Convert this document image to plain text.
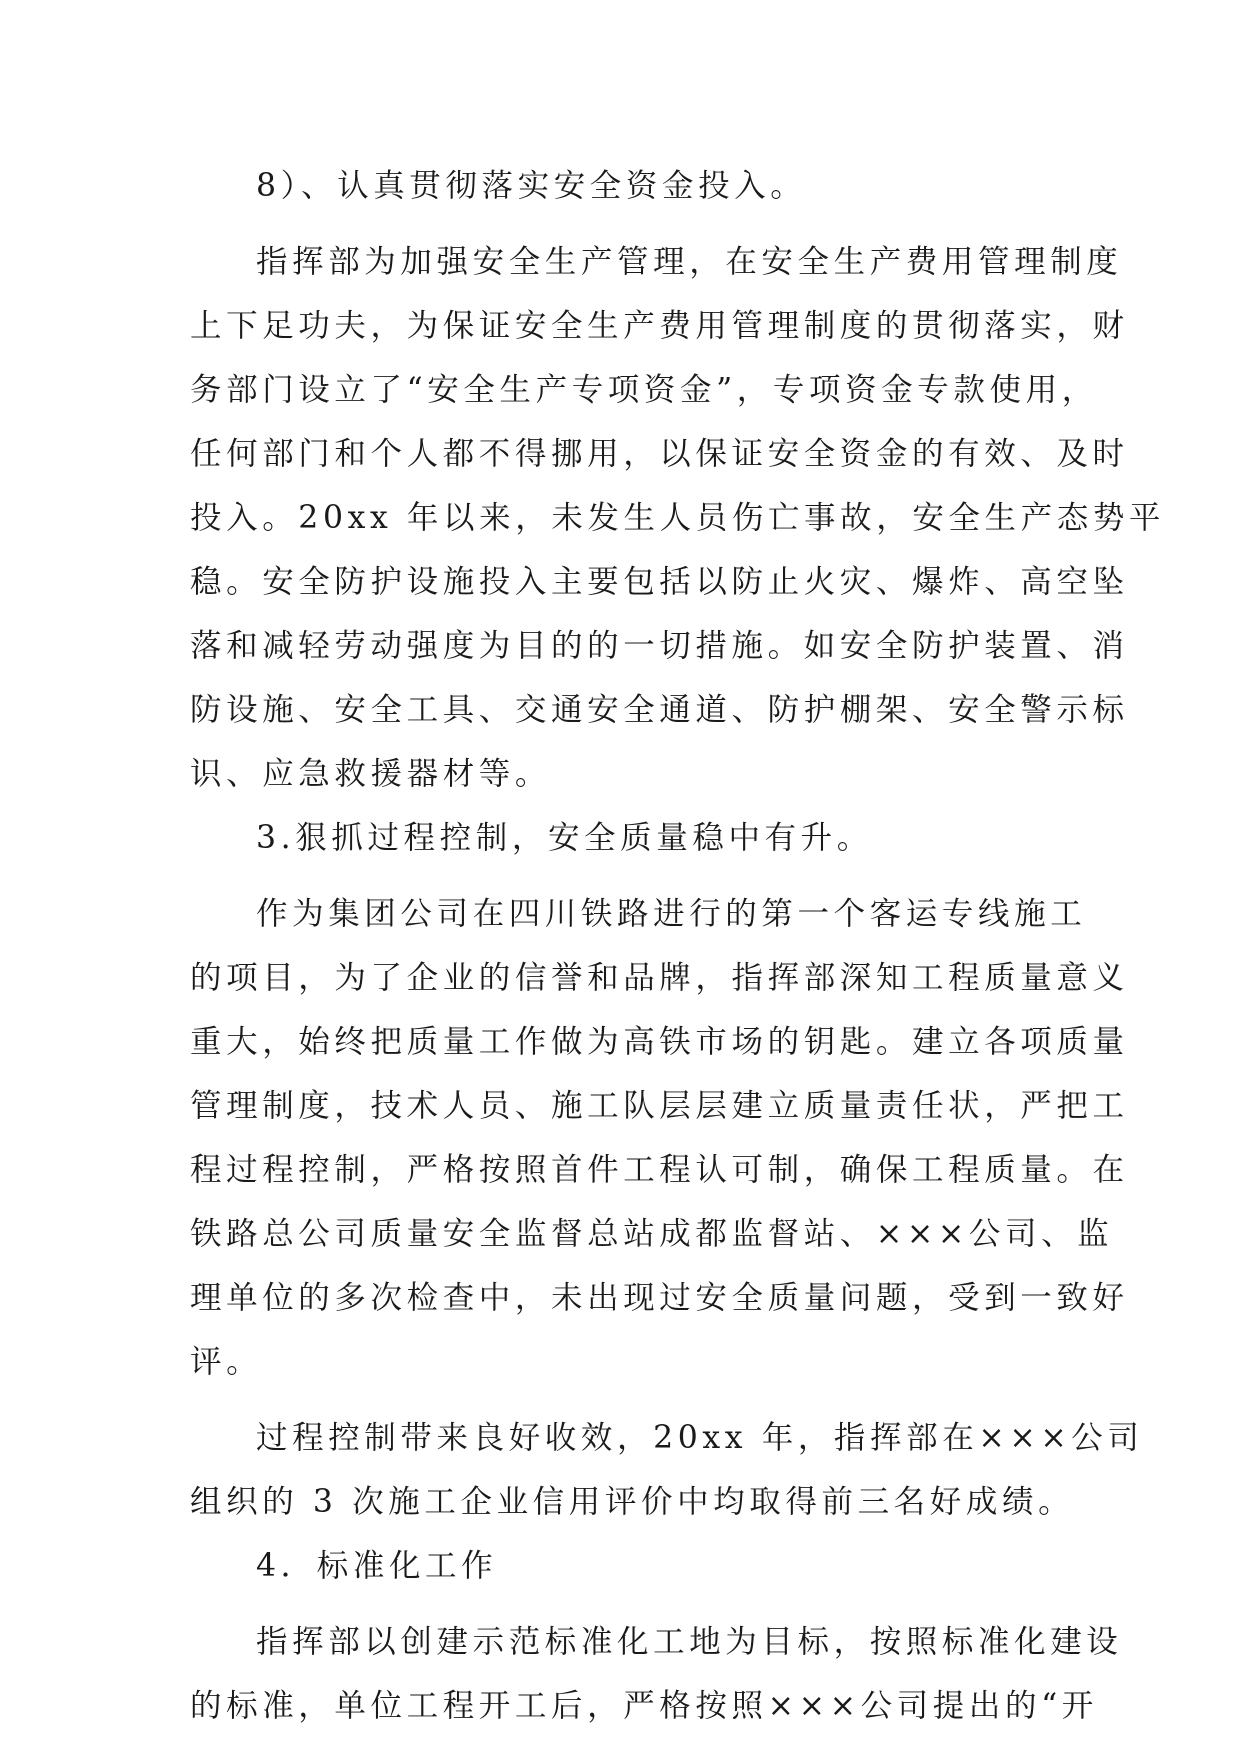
8）、认真贯彻落实安全资金投入。
指挥部为加强安全生产管理，在安全生产费用管理制度
上下足功夫，为保证安全生产费用管理制度的贯彻落实，财
务部门设立了“安全生产专项资金”，专项资金专款使用，
任何部门和个人都不得挪用，以保证安全资金的有效、及时
投入。20xx 年以来，未发生人员伤亡事故，安全生产态势平
稳。安全防护设施投入主要包括以防止火灾、爆炸、高空坠
落和减轻劳动强度为目的的一切措施。如安全防护装置、消
防设施、安全工具、交通安全通道、防护棚架、安全警示标
识、应急救援器材等。
3.狠抓过程控制，安全质量稳中有升。
作为集团公司在四川铁路进行的第一个客运专线施工
的项目，为了企业的信誉和品牌，指挥部深知工程质量意义
重大，始终把质量工作做为高铁市场的钥匙。建立各项质量
管理制度，技术人员、施工队层层建立质量责任状，严把工
程过程控制，严格按照首件工程认可制，确保工程质量。在
铁路总公司质量安全监督总站成都监督站、×××公司、监
理单位的多次检查中，未出现过安全质量问题，受到一致好
评。
过程控制带来良好收效，20xx 年，指挥部在×××公司
组织的 3 次施工企业信用评价中均取得前三名好成绩。
4．标准化工作
指挥部以创建示范标准化工地为目标，按照标准化建设
的标准，单位工程开工后，严格按照×××公司提出的“开
